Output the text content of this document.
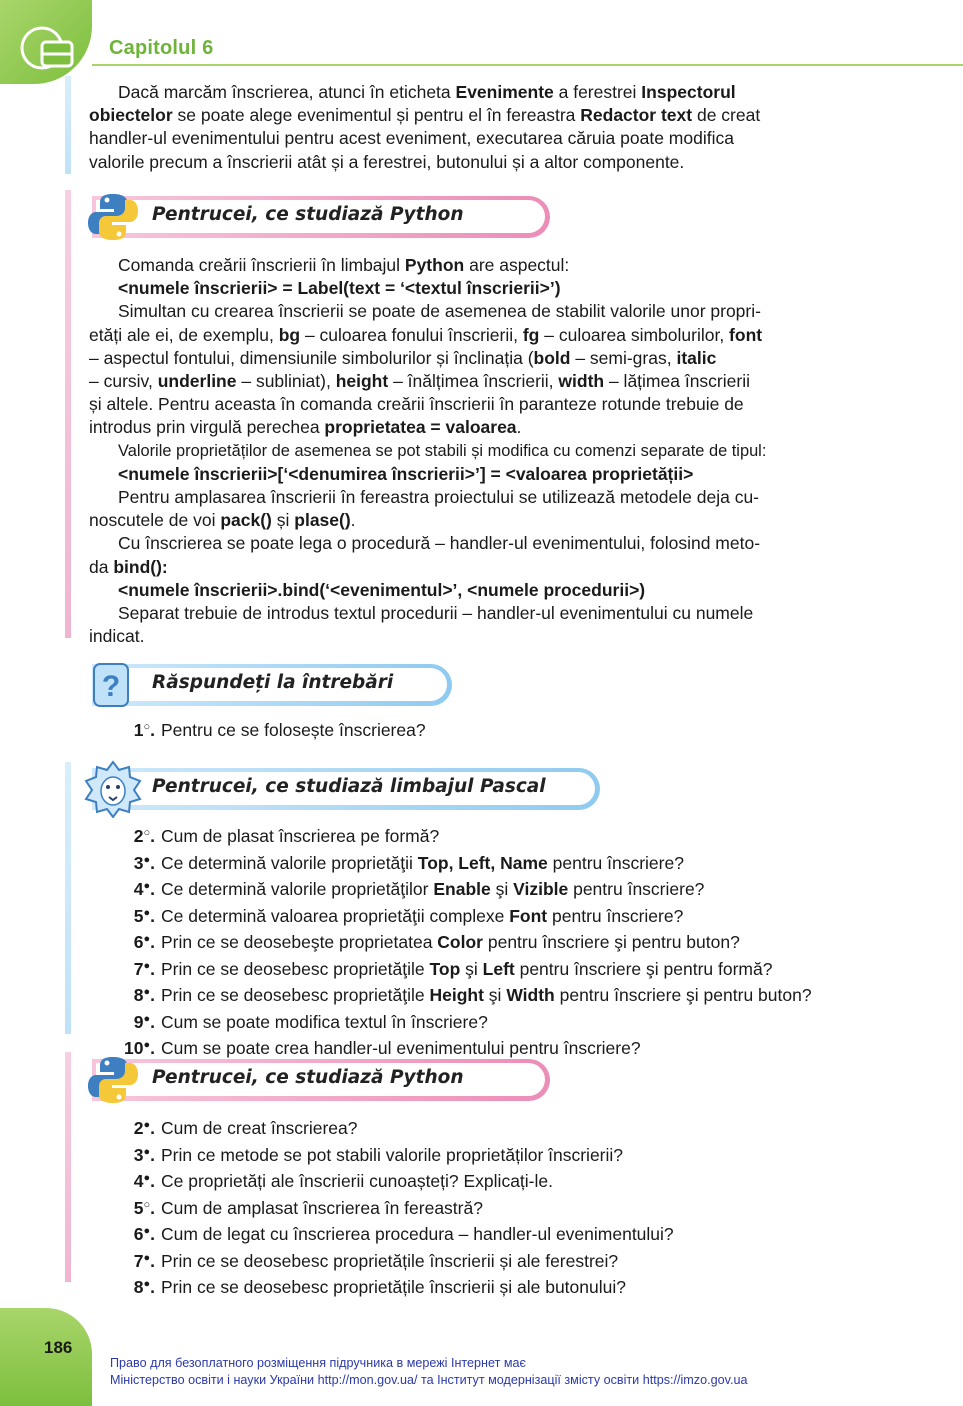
Capitolul 6
Dacă marcăm înscrierea, atunci în eticheta Evenimente a ferestrei Inspectorul
obiectelor se poate alege evenimentul și pentru el în fereastra Redactor text de creat
handler-ul evenimentului pentru acest eveniment, executarea căruia poate modifica
valorile precum a înscrierii atât și a ferestrei, butonului și a altor componente.
Pentrucei, ce studiază Python
Comanda creării înscrierii în limbajul Python are aspectul:
<numele înscrierii> = Label(text = ‘<textul înscrierii>’)
Simultan cu crearea înscrierii se poate de asemenea de stabilit valorile unor propri-
etăți ale ei, de exemplu, bg – culoarea fonului înscrierii, fg – culoarea simbolurilor, font
– aspectul fontului, dimensiunile simbolurilor și înclinația (bold – semi-gras, italic
– cursiv, underline – subliniat), height – înălțimea înscrierii, width – lățimea înscrierii
și altele. Pentru aceasta în comanda creării înscrierii în paranteze rotunde trebuie de
introdus prin virgulă perechea proprietatea = valoarea.
Valorile proprietăților de asemenea se pot stabili și modifica cu comenzi separate de tipul:
<numele înscrierii>[‘<denumirea înscrierii>’] = <valoarea proprietății>
Pentru amplasarea înscrierii în fereastra proiectului se utilizează metodele deja cu-
noscutele de voi pack() și plase().
Cu înscrierea se poate lega o procedură – handler-ul evenimentului, folosind meto-
da bind():
<numele înscrierii>.bind(‘<evenimentul>’, <numele procedurii>)
Separat trebuie de introdus textul procedurii – handler-ul evenimentului cu numele
indicat.
? Răspundeți la întrebări
1○. Pentru ce se folosește înscrierea?
Pentrucei, ce studiază limbajul Pascal
2○. Cum de plasat înscrierea pe formă?
3●. Ce determină valorile proprietăţii Top, Left, Name pentru înscriere?
4●. Ce determină valorile proprietăţilor Enable şi Vizible pentru înscriere?
5●. Ce determină valoarea proprietăţii complexe Font pentru înscriere?
6●. Prin ce se deosebeşte proprietatea Color pentru înscriere şi pentru buton?
7●. Prin ce se deosebesc proprietăţile Top şi Left pentru înscriere şi pentru formă?
8●. Prin ce se deosebesc proprietăţile Height şi Width pentru înscriere şi pentru buton?
9●. Cum se poate modifica textul în înscriere?
10●. Cum se poate crea handler-ul evenimentului pentru înscriere?
Pentrucei, ce studiază Python
2●. Cum de creat înscrierea?
3●. Prin ce metode se pot stabili valorile proprietăților înscrierii?
4●. Ce proprietăți ale înscrierii cunoașteți? Explicați-le.
5○. Cum de amplasat înscrierea în fereastră?
6●. Cum de legat cu înscrierea procedura – handler-ul evenimentului?
7●. Prin ce se deosebesc proprietățile înscrierii și ale ferestrei?
8●. Prin ce se deosebesc proprietățile înscrierii și ale butonului?
186
Право для безоплатного розміщення підручника в мережі Інтернет має
Міністерство освіти і науки України http://mon.gov.ua/ та Інститут модернізації змісту освіти https://imzo.gov.ua
